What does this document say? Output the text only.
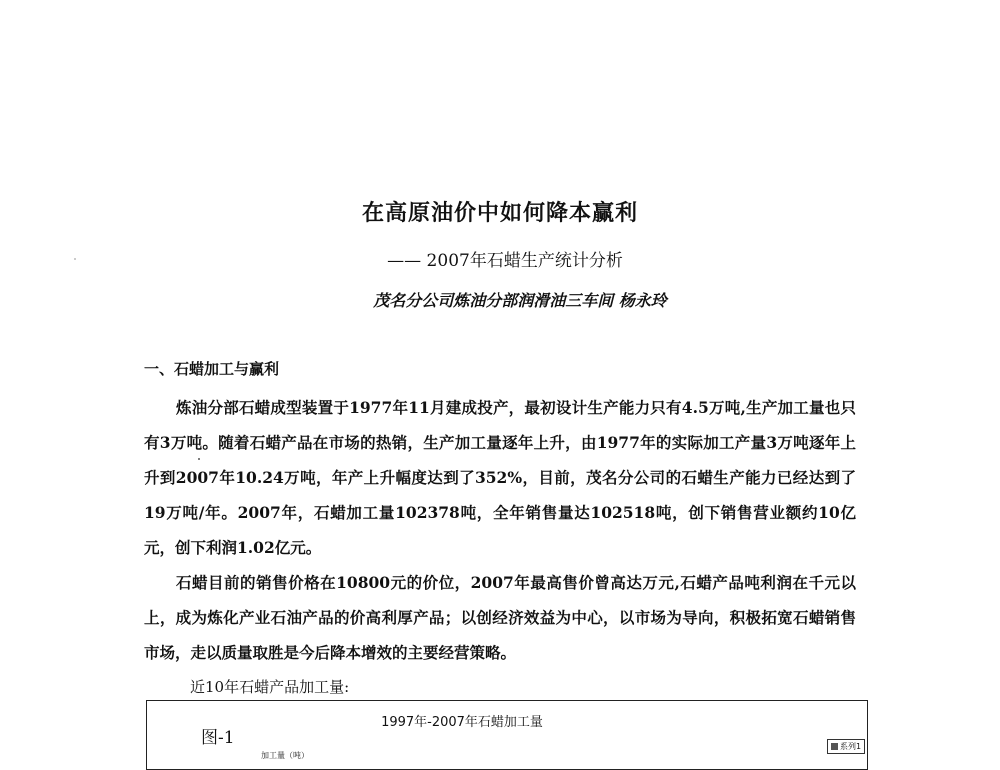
在高原油价中如何降本赢利
—— 2007年石蜡生产统计分析
茂名分公司炼油分部润滑油三车间 杨永玲
一、石蜡加工与赢利
炼油分部石蜡成型装置于1977年11月建成投产，最初设计生产能力只有4.5万吨,生产加工量也只有3万吨。随着石蜡产品在市场的热销，生产加工量逐年上升，由1977年的实际加工产量3万吨逐年上升到2007年10.24万吨，年产上升幅度达到了352%，目前，茂名分公司的石蜡生产能力已经达到了19万吨/年。2007年，石蜡加工量102378吨，全年销售量达102518吨，创下销售营业额约10亿元，创下利润1.02亿元。
石蜡目前的销售价格在10800元的价位，2007年最高售价曾高达万元,石蜡产品吨利润在千元以上，成为炼化产业石油产品的价高利厚产品；以创经济效益为中心，以市场为导向，积极拓宽石蜡销售市场，走以质量取胜是今后降本增效的主要经营策略。
近10年石蜡产品加工量:
图-1
1997年-2007年石蜡加工量
加工量（吨）
系列1
